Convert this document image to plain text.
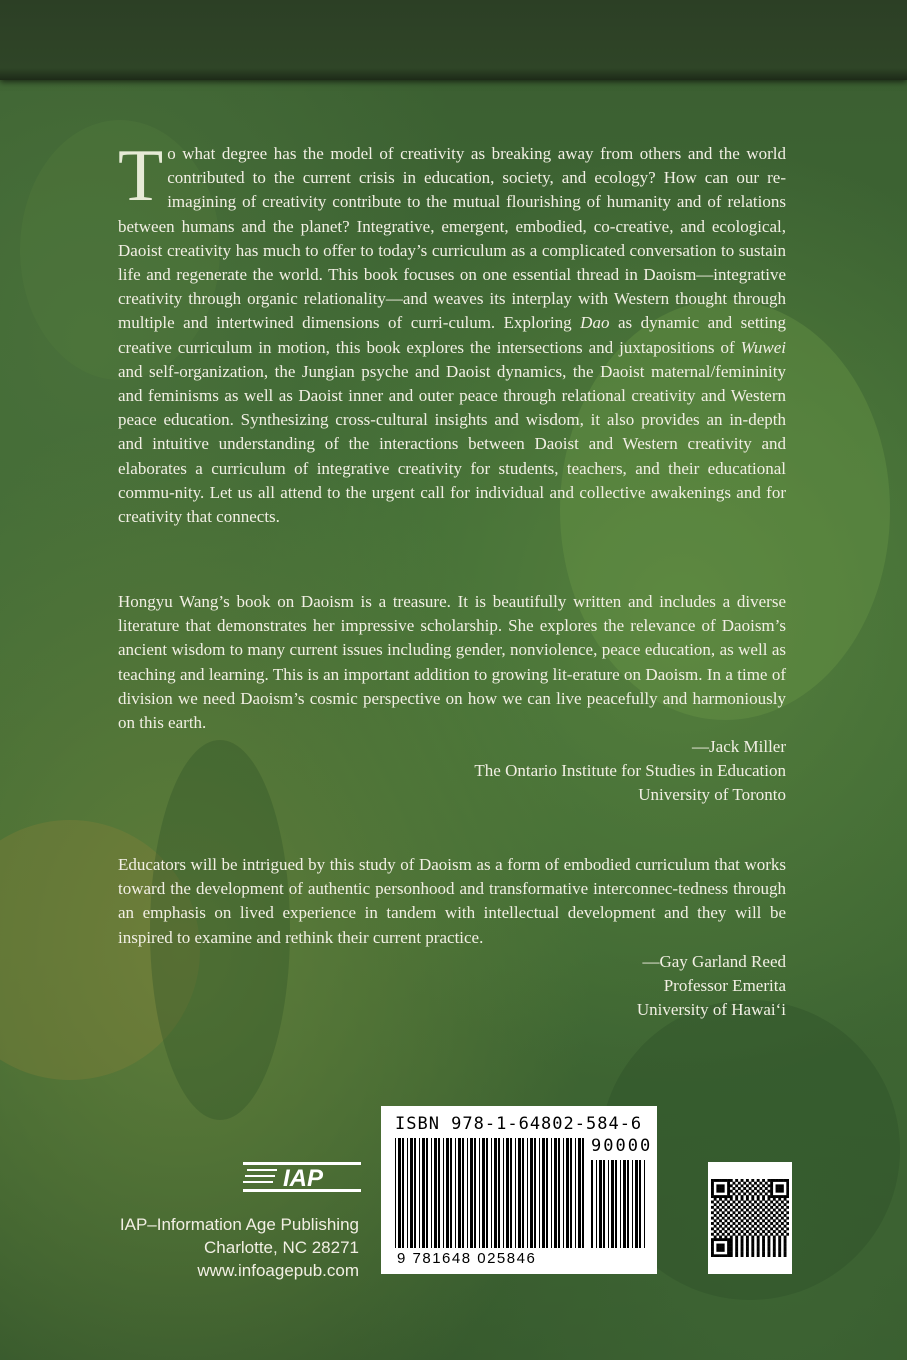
To what degree has the model of creativity as breaking away from others and the world contributed to the current crisis in education, society, and ecology? How can our re-imagining of creativity contribute to the mutual flourishing of humanity and of relations between humans and the planet? Integrative, emergent, embodied, co-creative, and ecological, Daoist creativity has much to offer to today’s curriculum as a complicated conversation to sustain life and regenerate the world. This book focuses on one essential thread in Daoism—integrative creativity through organic relationality—and weaves its interplay with Western thought through multiple and intertwined dimensions of curri-culum. Exploring Dao as dynamic and setting creative curriculum in motion, this book explores the intersections and juxtapositions of Wuwei and self-organization, the Jungian psyche and Daoist dynamics, the Daoist maternal/femininity and feminisms as well as Daoist inner and outer peace through relational creativity and Western peace education. Synthesizing cross-cultural insights and wisdom, it also provides an in-depth and intuitive understanding of the interactions between Daoist and Western creativity and elaborates a curriculum of integrative creativity for students, teachers, and their educational commu-nity. Let us all attend to the urgent call for individual and collective awakenings and for creativity that connects.
Hongyu Wang’s book on Daoism is a treasure. It is beautifully written and includes a diverse literature that demonstrates her impressive scholarship. She explores the relevance of Daoism’s ancient wisdom to many current issues including gender, nonviolence, peace education, as well as teaching and learning. This is an important addition to growing lit-erature on Daoism. In a time of division we need Daoism’s cosmic perspective on how we can live peacefully and harmoniously on this earth.
—Jack Miller
The Ontario Institute for Studies in Education
University of Toronto
Educators will be intrigued by this study of Daoism as a form of embodied curriculum that works toward the development of authentic personhood and transformative interconnec-tedness through an emphasis on lived experience in tandem with intellectual development and they will be inspired to examine and rethink their current practice.
—Gay Garland Reed
Professor Emerita
University of Hawai‘i
IAP
IAP–Information Age Publishing
Charlotte, NC 28271
www.infoagepub.com
ISBN 978-1-64802-584-6
90000
9 781648 025846
